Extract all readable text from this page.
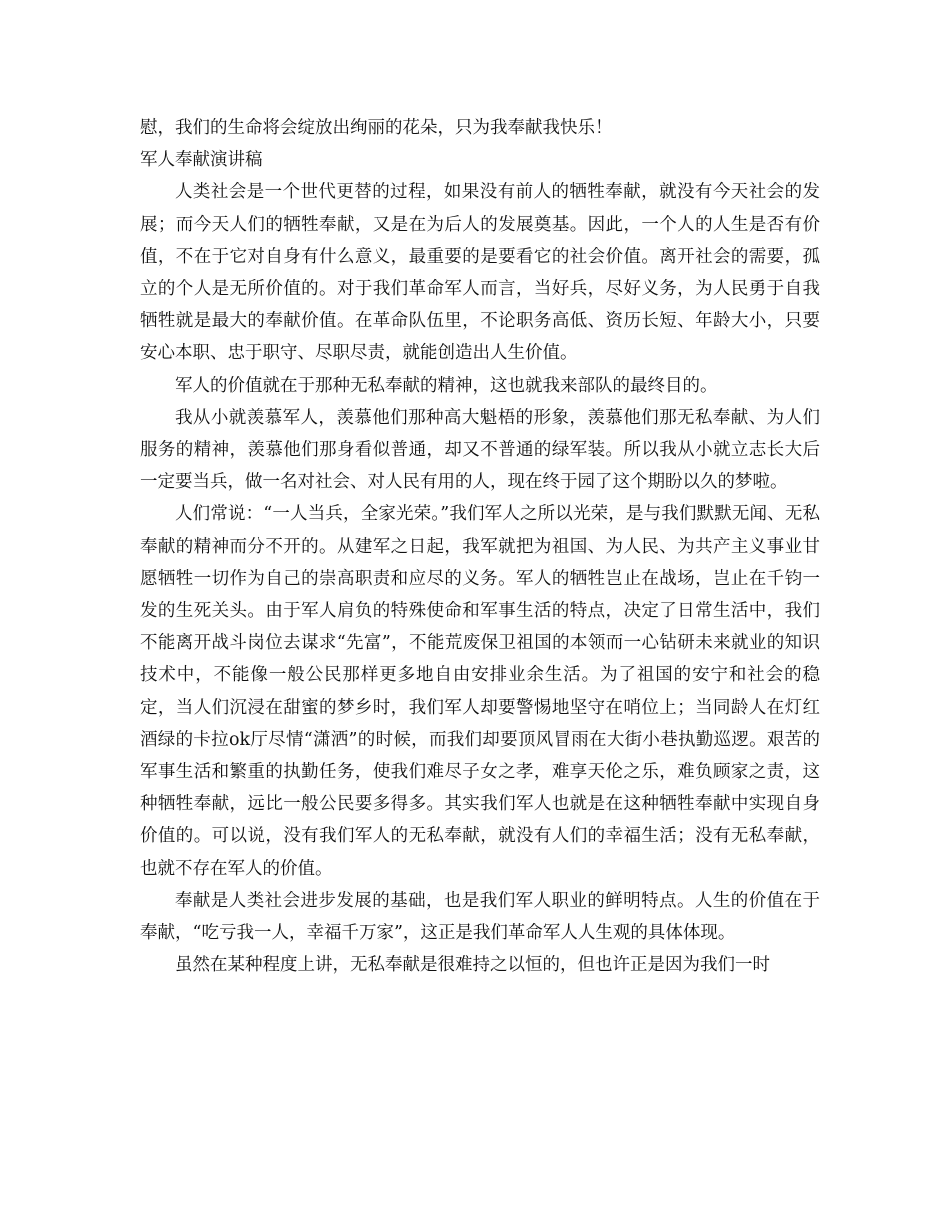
慰，我们的生命将会绽放出绚丽的花朵，只为我奉献我快乐！

军人奉献演讲稿

人类社会是一个世代更替的过程，如果没有前人的牺牲奉献，就没有今天社会的发展；而今天人们的牺牲奉献，又是在为后人的发展奠基。因此，一个人的人生是否有价值，不在于它对自身有什么意义，最重要的是要看它的社会价值。离开社会的需要，孤立的个人是无所价值的。对于我们革命军人而言，当好兵，尽好义务，为人民勇于自我牺牲就是最大的奉献价值。在革命队伍里，不论职务高低、资历长短、年龄大小，只要安心本职、忠于职守、尽职尽责，就能创造出人生价值。

军人的价值就在于那种无私奉献的精神，这也就我来部队的最终目的。

我从小就羡慕军人，羡慕他们那种高大魁梧的形象，羡慕他们那无私奉献、为人们服务的精神，羡慕他们那身看似普通，却又不普通的绿军装。所以我从小就立志长大后一定要当兵，做一名对社会、对人民有用的人，现在终于园了这个期盼以久的梦啦。

人们常说：“一人当兵，全家光荣。”我们军人之所以光荣，是与我们默默无闻、无私奉献的精神而分不开的。从建军之日起，我军就把为祖国、为人民、为共产主义事业甘愿牺牲一切作为自己的崇高职责和应尽的义务。军人的牺牲岂止在战场，岂止在千钧一发的生死关头。由于军人肩负的特殊使命和军事生活的特点，决定了日常生活中，我们不能离开战斗岗位去谋求“先富”，不能荒废保卫祖国的本领而一心钻研未来就业的知识技术中，不能像一般公民那样更多地自由安排业余生活。为了祖国的安宁和社会的稳定，当人们沉浸在甜蜜的梦乡时，我们军人却要警惕地坚守在哨位上；当同龄人在灯红酒绿的卡拉ok厅尽情“潇洒”的时候，而我们却要顶风冒雨在大街小巷执勤巡逻。艰苦的军事生活和繁重的执勤任务，使我们难尽子女之孝，难享天伦之乐，难负顾家之责，这种牺牲奉献，远比一般公民要多得多。其实我们军人也就是在这种牺牲奉献中实现自身价值的。可以说，没有我们军人的无私奉献，就没有人们的幸福生活；没有无私奉献，也就不存在军人的价值。

奉献是人类社会进步发展的基础，也是我们军人职业的鲜明特点。人生的价值在于奉献，“吃亏我一人，幸福千万家”，这正是我们革命军人人生观的具体体现。

虽然在某种程度上讲，无私奉献是很难持之以恒的，但也许正是因为我们一时
